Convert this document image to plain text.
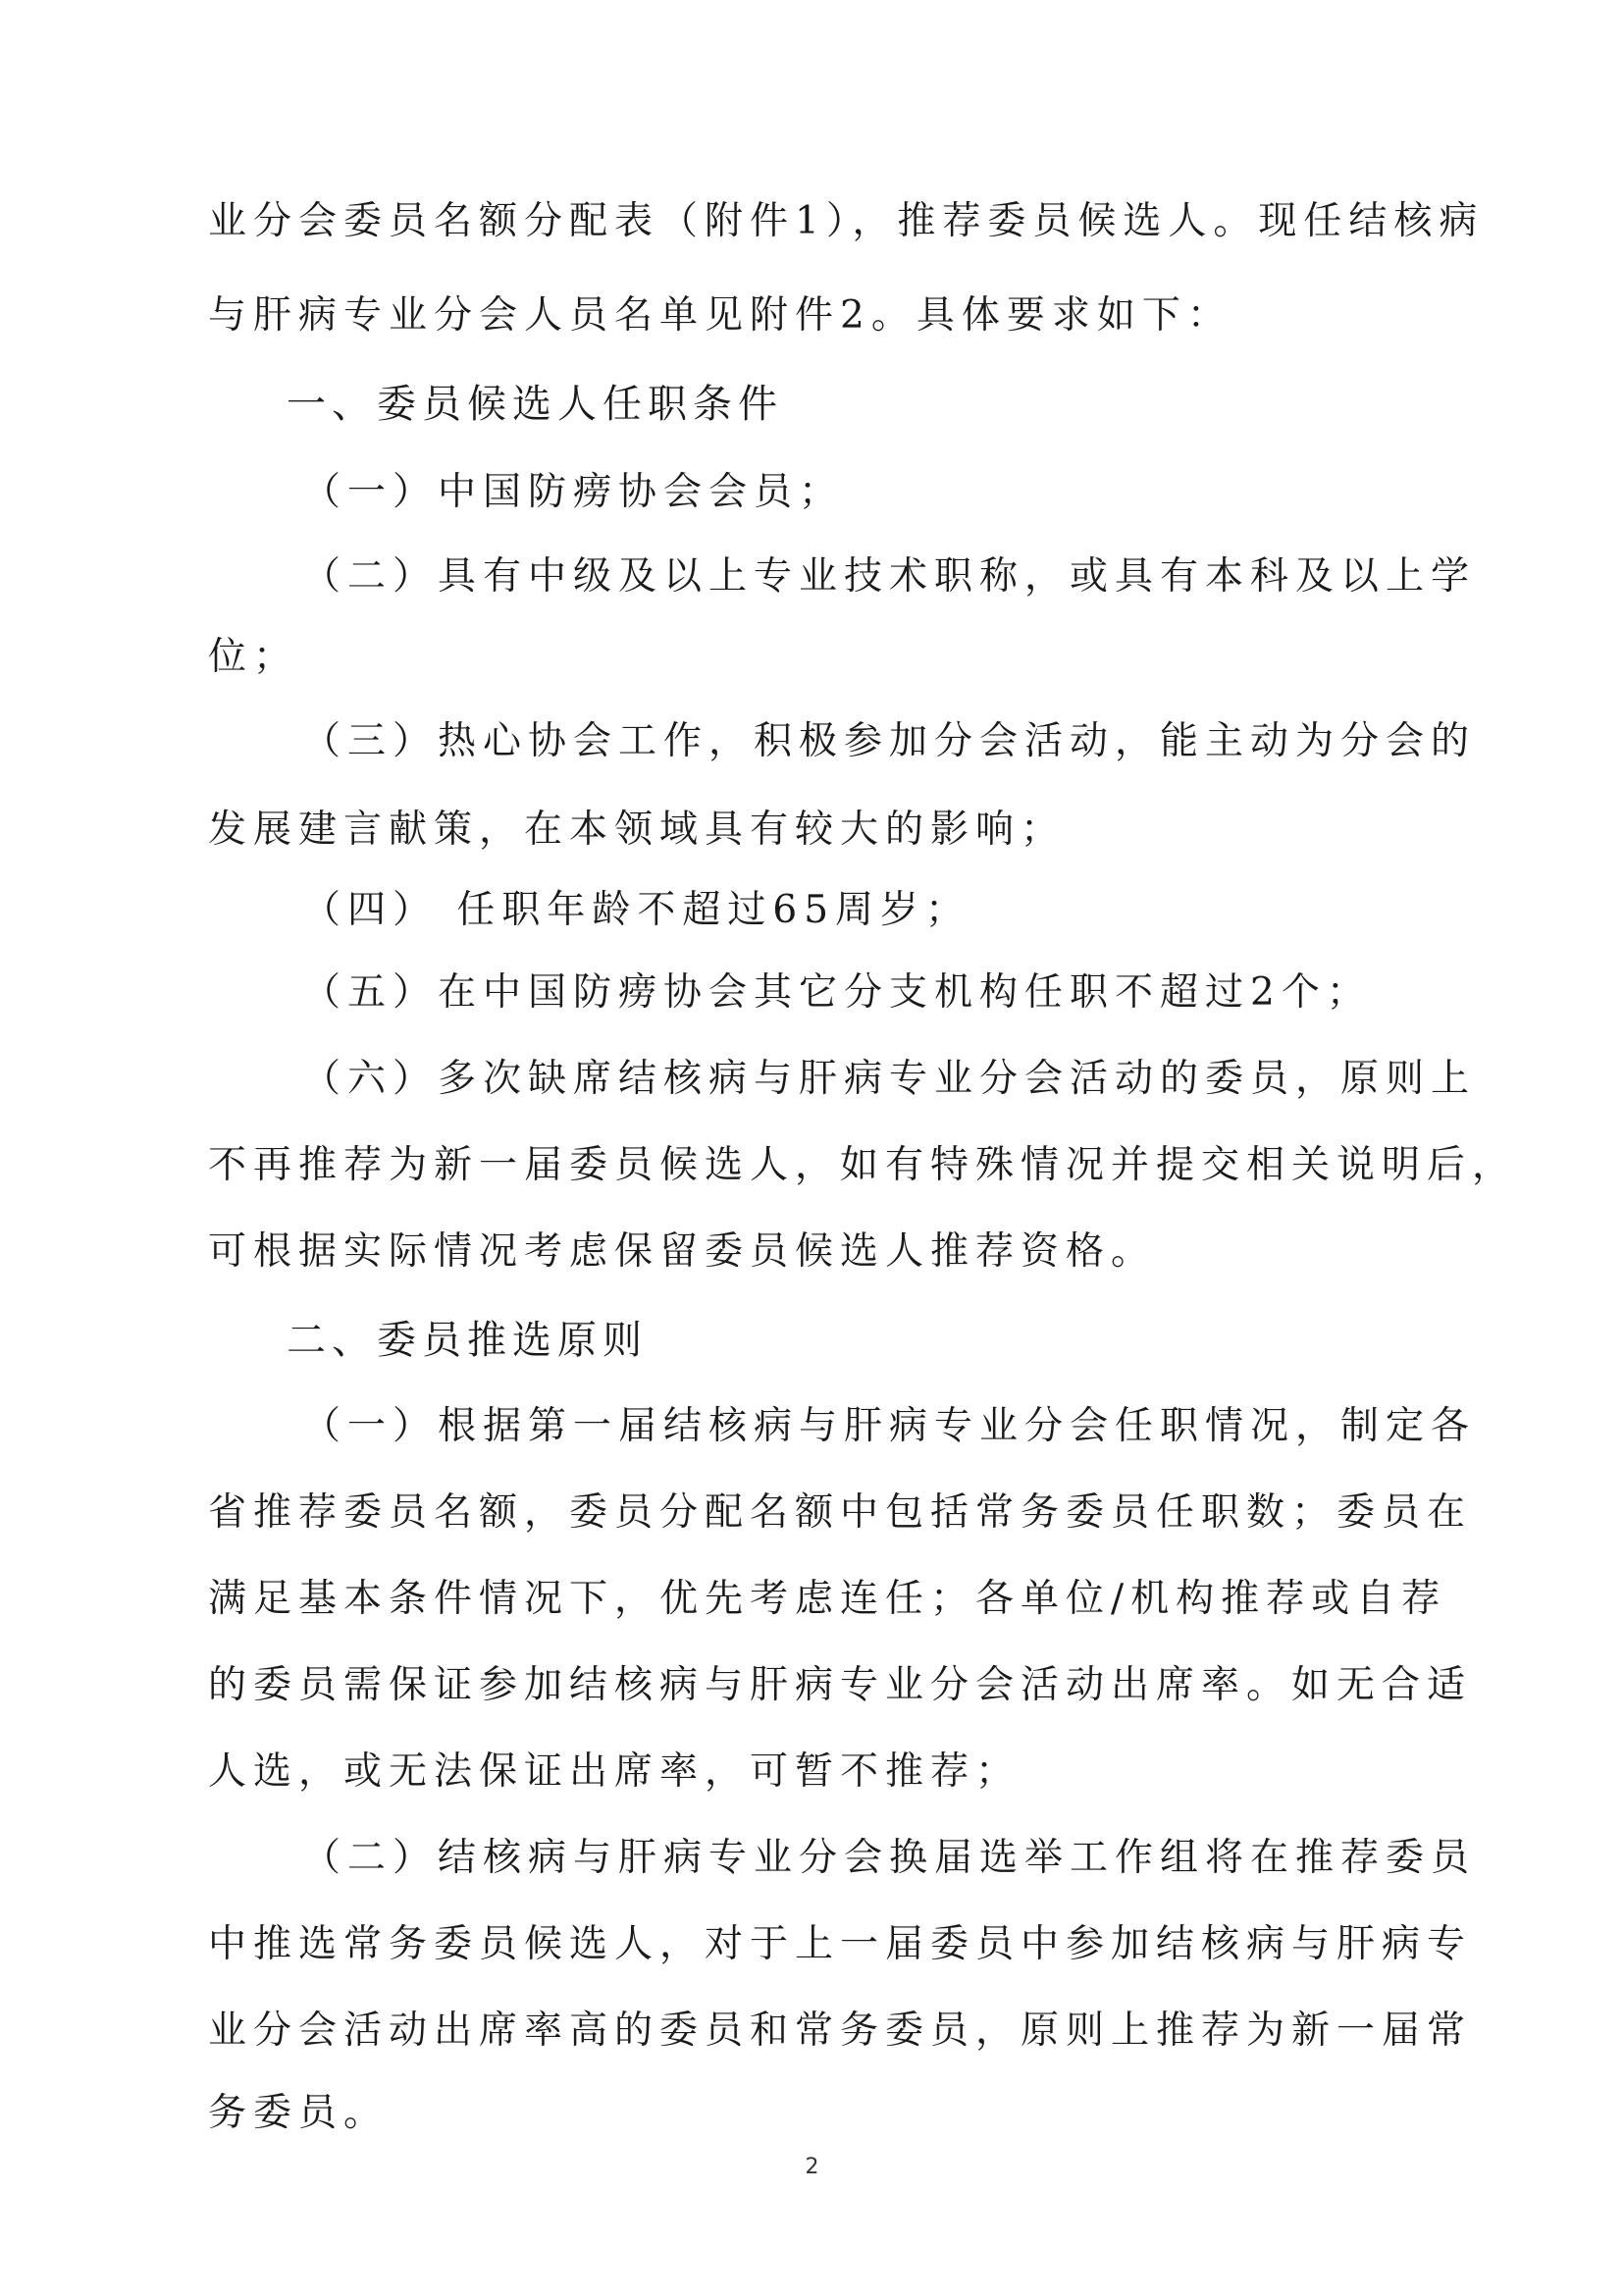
业分会委员名额分配表（附件1），推荐委员候选人。现任结核病
与肝病专业分会人员名单见附件2。具体要求如下：
一、委员候选人任职条件
（一）中国防痨协会会员；
（二）具有中级及以上专业技术职称，或具有本科及以上学
位；
（三）热心协会工作，积极参加分会活动，能主动为分会的
发展建言献策，在本领域具有较大的影响；
（四） 任职年龄不超过65周岁；
（五）在中国防痨协会其它分支机构任职不超过2个；
（六）多次缺席结核病与肝病专业分会活动的委员，原则上
不再推荐为新一届委员候选人，如有特殊情况并提交相关说明后，
可根据实际情况考虑保留委员候选人推荐资格。
二、委员推选原则
（一）根据第一届结核病与肝病专业分会任职情况，制定各
省推荐委员名额，委员分配名额中包括常务委员任职数；委员在
满足基本条件情况下，优先考虑连任；各单位/机构推荐或自荐
的委员需保证参加结核病与肝病专业分会活动出席率。如无合适
人选，或无法保证出席率，可暂不推荐；
（二）结核病与肝病专业分会换届选举工作组将在推荐委员
中推选常务委员候选人，对于上一届委员中参加结核病与肝病专
业分会活动出席率高的委员和常务委员，原则上推荐为新一届常
务委员。
2
